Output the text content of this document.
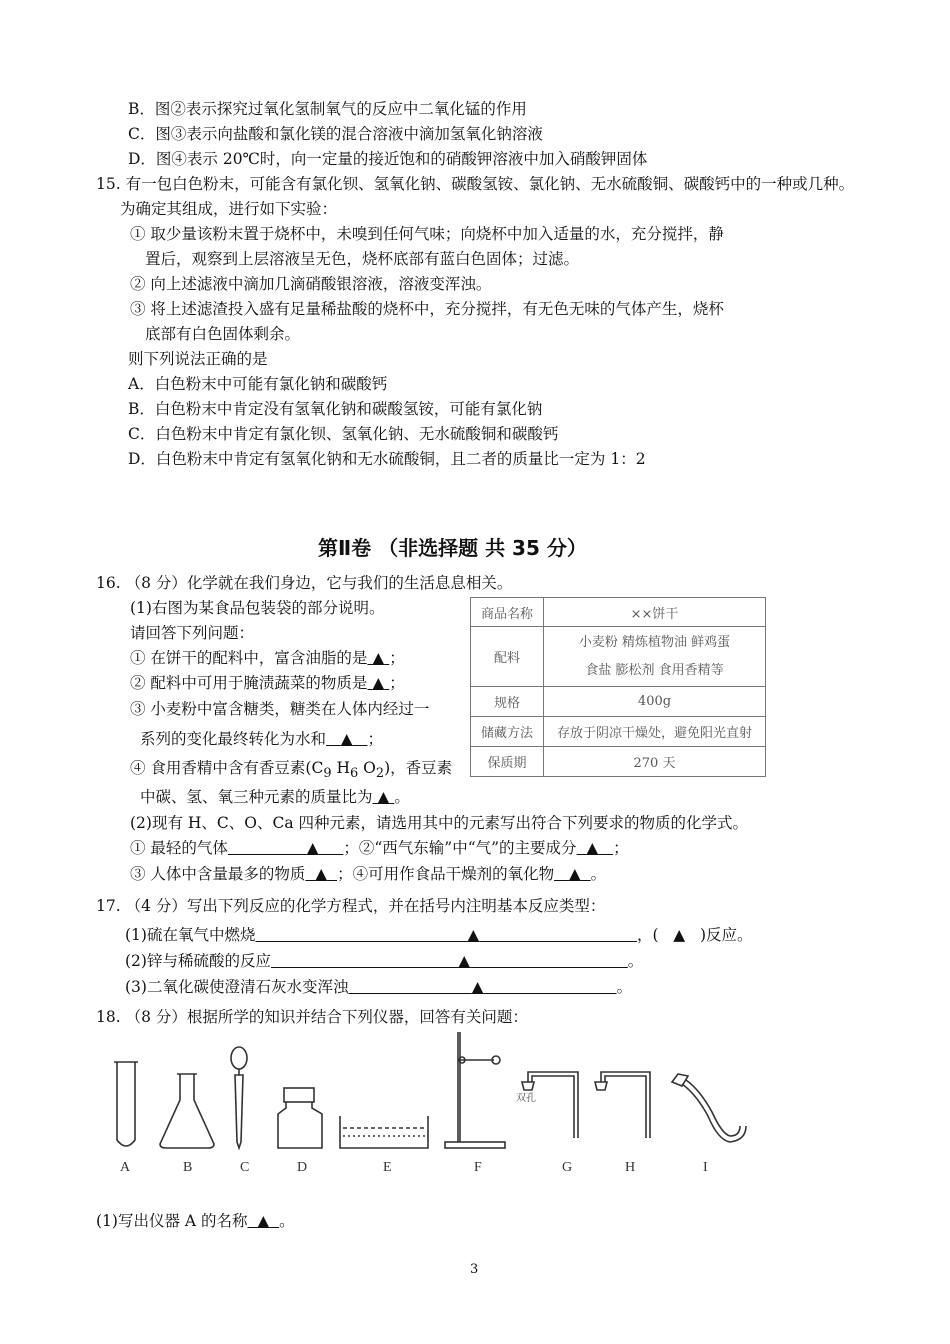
B．图②表示探究过氧化氢制氧气的反应中二氧化锰的作用
C．图③表示向盐酸和氯化镁的混合溶液中滴加氢氧化钠溶液
D．图④表示 20℃时，向一定量的接近饱和的硝酸钾溶液中加入硝酸钾固体
15. 有一包白色粉末，可能含有氯化钡、氢氧化钠、碳酸氢铵、氯化钠、无水硫酸铜、碳酸钙中的一种或几种。
为确定其组成，进行如下实验：
① 取少量该粉末置于烧杯中，未嗅到任何气味；向烧杯中加入适量的水，充分搅拌，静
置后，观察到上层溶液呈无色，烧杯底部有蓝白色固体；过滤。
② 向上述滤液中滴加几滴硝酸银溶液，溶液变浑浊。
③ 将上述滤渣投入盛有足量稀盐酸的烧杯中，充分搅拌，有无色无味的气体产生，烧杯
底部有白色固体剩余。
则下列说法正确的是
A．白色粉末中可能有氯化钠和碳酸钙
B．白色粉末中肯定没有氢氧化钠和碳酸氢铵，可能有氯化钠
C．白色粉末中肯定有氯化钡、氢氧化钠、无水硫酸铜和碳酸钙
D．白色粉末中肯定有氢氧化钠和无水硫酸铜，且二者的质量比一定为 1：2
第Ⅱ卷 （非选择题 共 35 分）
16. （8 分）化学就在我们身边，它与我们的生活息息相关。
(1)右图为某食品包装袋的部分说明。
请回答下列问题：
① 在饼干的配料中，富含油脂的是 ▲ ；
② 配料中可用于腌渍蔬菜的物质是 ▲ ；
③ 小麦粉中富含糖类，糖类在人体内经过一
系列的变化最终转化为水和 ▲ ；
④ 食用香精中含有香豆素($C_9$ $H_6$ $O_2$)，香豆素
中碳、氢、氧三种元素的质量比为 ▲ 。
商品名称	××饼干
配料	小麦粉 精炼植物油 鲜鸡蛋
食盐 膨松剂 食用香精等

规格	400g
储藏方法	存放于阴凉干燥处，避免阳光直射
保质期	270 天
(2)现有 H、C、O、Ca 四种元素，请选用其中的元素写出符合下列要求的物质的化学式。
① 最轻的气体	▲ ；②“西气东输”中“气”的主要成分 ▲ ；
③ 人体中含量最多的物质 ▲ ；④可用作食品干燥剂的氧化物 ▲ 。
17. （4 分）写出下列反应的化学方程式，并在括号内注明基本反应类型：
(1)硫在氧气中燃烧	▲	，( ▲ )反应。
(2)锌与稀硫酸的反应	▲	。
(3)二氧化碳使澄清石灰水变浑浊	▲	。
18. （8 分）根据所学的知识并结合下列仪器，回答有关问题：
双孔
A	B	C	D	E	F	G	H	I
(1)写出仪器 A 的名称 ▲ 。
3
